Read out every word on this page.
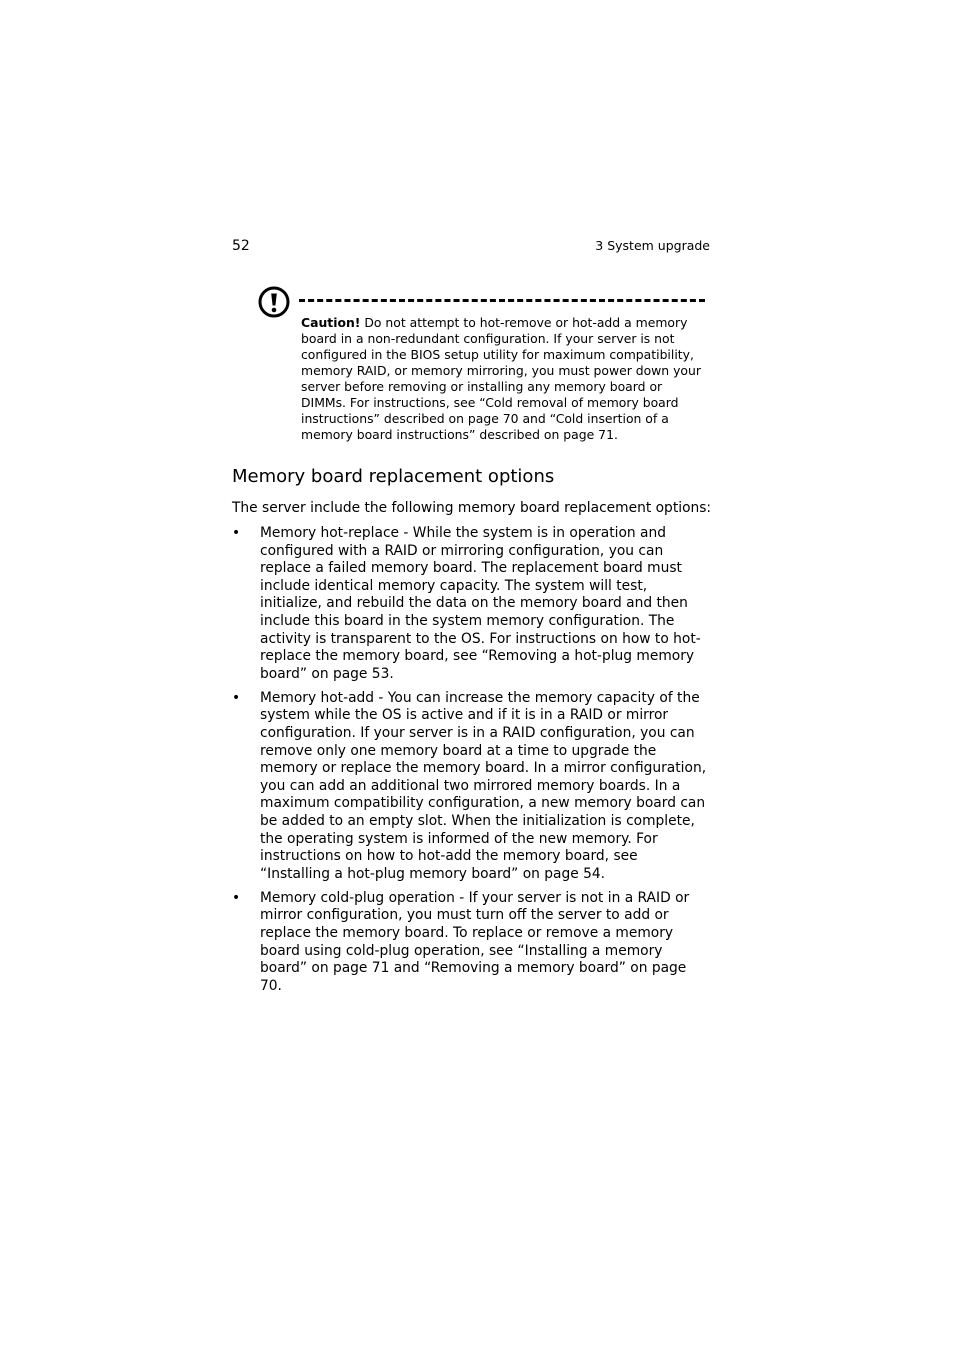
52	3 System upgrade

Caution! Do not attempt to hot-remove or hot-add a memory board in a non-redundant configuration. If your server is not configured in the BIOS setup utility for maximum compatibility, memory RAID, or memory mirroring, you must power down your server before removing or installing any memory board or DIMMs. For instructions, see “Cold removal of memory board instructions” described on page 70 and “Cold insertion of a memory board instructions” described on page 71.

Memory board replacement options

The server include the following memory board replacement options:

• Memory hot-replace - While the system is in operation and configured with a RAID or mirroring configuration, you can replace a failed memory board. The replacement board must include identical memory capacity. The system will test, initialize, and rebuild the data on the memory board and then include this board in the system memory configuration. The activity is transparent to the OS. For instructions on how to hot-replace the memory board, see “Removing a hot-plug memory board” on page 53.
• Memory hot-add - You can increase the memory capacity of the system while the OS is active and if it is in a RAID or mirror configuration. If your server is in a RAID configuration, you can remove only one memory board at a time to upgrade the memory or replace the memory board. In a mirror configuration, you can add an additional two mirrored memory boards. In a maximum compatibility configuration, a new memory board can be added to an empty slot. When the initialization is complete, the operating system is informed of the new memory. For instructions on how to hot-add the memory board, see “Installing a hot-plug memory board” on page 54.
• Memory cold-plug operation - If your server is not in a RAID or mirror configuration, you must turn off the server to add or replace the memory board. To replace or remove a memory board using cold-plug operation, see “Installing a memory board” on page 71 and “Removing a memory board” on page 70.
